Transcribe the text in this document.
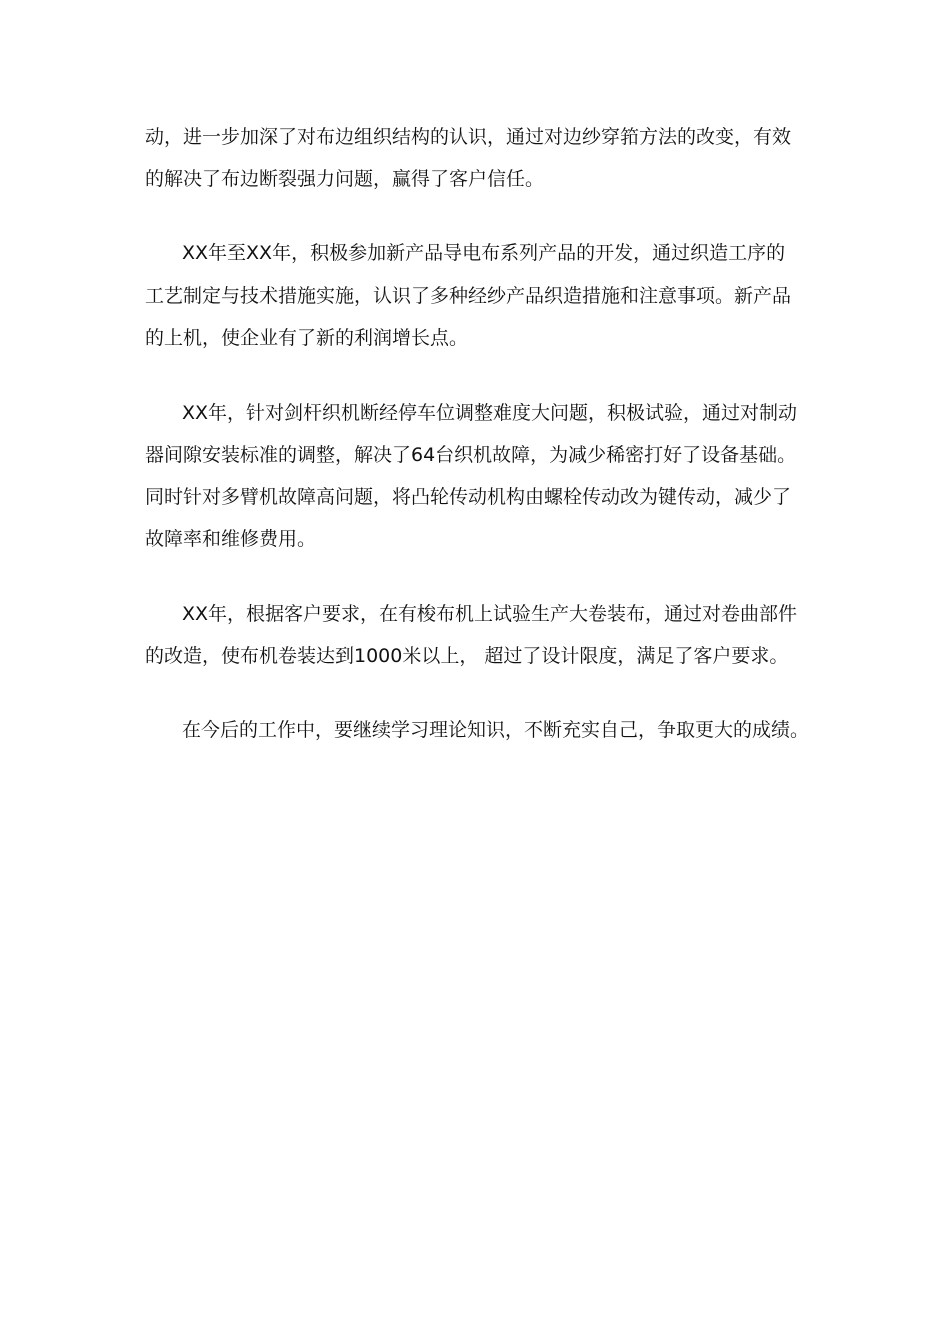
动，进一步加深了对布边组织结构的认识，通过对边纱穿筘方法的改变，有效
的解决了布边断裂强力问题，赢得了客户信任。
XX年至XX年，积极参加新产品导电布系列产品的开发，通过织造工序的
工艺制定与技术措施实施，认识了多种经纱产品织造措施和注意事项。新产品
的上机，使企业有了新的利润增长点。
XX年，针对剑杆织机断经停车位调整难度大问题，积极试验，通过对制动
器间隙安装标准的调整，解决了64台织机故障，为减少稀密打好了设备基础。
同时针对多臂机故障高问题，将凸轮传动机构由螺栓传动改为键传动，减少了
故障率和维修费用。
XX年，根据客户要求，在有梭布机上试验生产大卷装布，通过对卷曲部件
的改造，使布机卷装达到1000米以上， 超过了设计限度，满足了客户要求。
在今后的工作中，要继续学习理论知识，不断充实自己，争取更大的成绩。
